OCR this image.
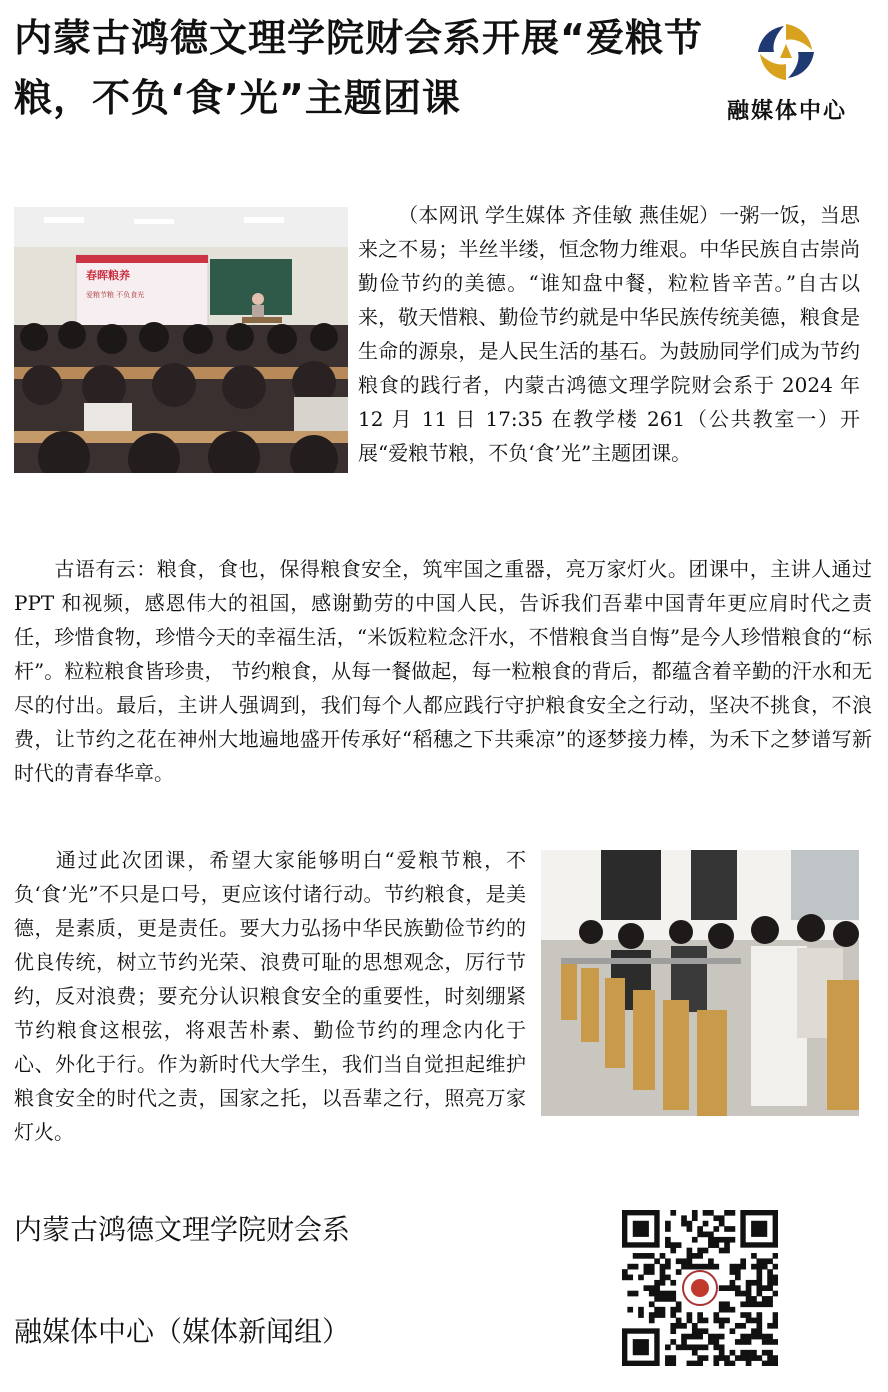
内蒙古鸿德文理学院财会系开展“爱粮节粮，不负‘食’光”主题团课	融媒体中心
春晖粮养
爱粮节粮 不负食光

（本网讯 学生媒体 齐佳敏 燕佳妮）一粥一饭，当思来之不易；半丝半缕，恒念物力维艰。中华民族自古崇尚勤俭节约的美德。“谁知盘中餐，粒粒皆辛苦。”自古以来，敬天惜粮、勤俭节约就是中华民族传统美德，粮食是生命的源泉，是人民生活的基石。为鼓励同学们成为节约粮食的践行者，内蒙古鸿德文理学院财会系于 2024 年 12 月 11 日 17:35 在教学楼 261（公共教室一）开展“爱粮节粮，不负‘食’光”主题团课。

古语有云：粮食，食也，保得粮食安全，筑牢国之重器，亮万家灯火。团课中，主讲人通过 PPT 和视频，感恩伟大的祖国，感谢勤劳的中国人民，告诉我们吾辈中国青年更应肩时代之责任，珍惜食物，珍惜今天的幸福生活，“米饭粒粒念汗水，不惜粮食当自悔”是今人珍惜粮食的“标杆”。粒粒粮食皆珍贵， 节约粮食，从每一餐做起，每一粒粮食的背后，都蕴含着辛勤的汗水和无尽的付出。最后，主讲人强调到，我们每个人都应践行守护粮食安全之行动，坚决不挑食，不浪费，让节约之花在神州大地遍地盛开传承好“稻穗之下共乘凉”的逐梦接力棒，为禾下之梦谱写新时代的青春华章。

通过此次团课，希望大家能够明白“爱粮节粮，不负‘食’光”不只是口号，更应该付诸行动。节约粮食，是美德，是素质，更是责任。要大力弘扬中华民族勤俭节约的优良传统，树立节约光荣、浪费可耻的思想观念，厉行节约，反对浪费；要充分认识粮食安全的重要性，时刻绷紧节约粮食这根弦，将艰苦朴素、勤俭节约的理念内化于心、外化于行。作为新时代大学生，我们当自觉担起维护粮食安全的时代之责，国家之托，以吾辈之行，照亮万家灯火。

内蒙古鸿德文理学院财会系
融媒体中心（媒体新闻组）
